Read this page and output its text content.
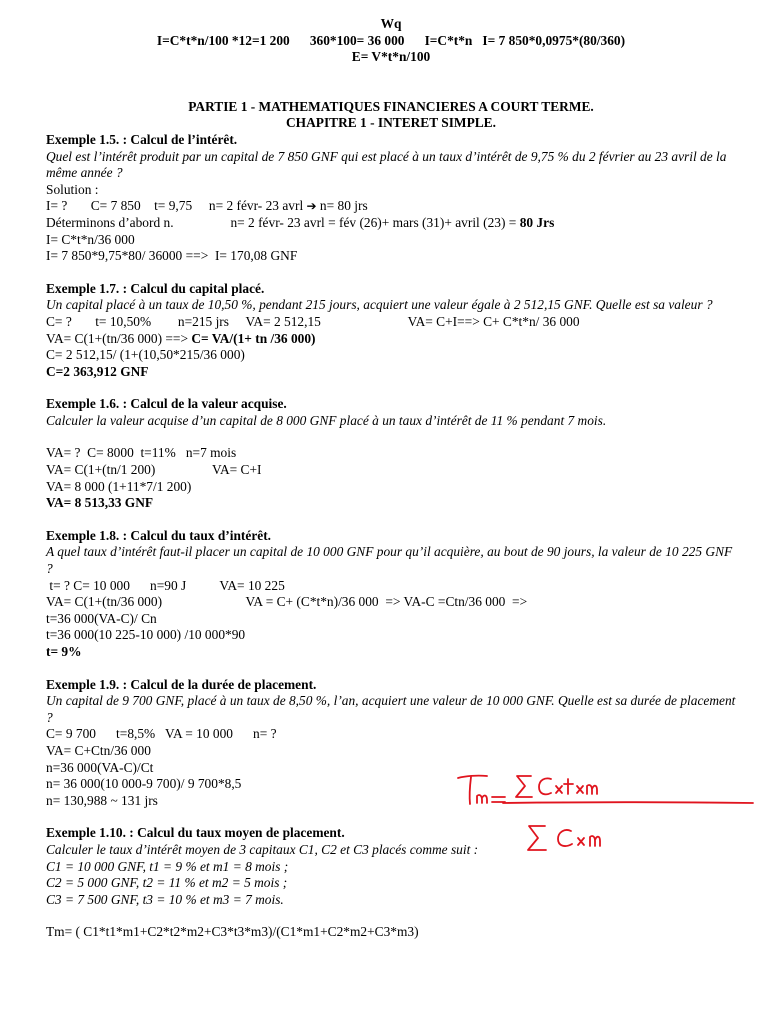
Wq
I=C*t*n/100 *12=1 200      360*100= 36 000      I=C*t*n   I= 7 850*0,0975*(80/360)
E= V*t*n/100
PARTIE 1 - MATHEMATIQUES FINANCIERES A COURT TERME.
CHAPITRE 1 - INTERET SIMPLE.
Exemple 1.5. : Calcul de l’intérêt.
Quel est l’intérêt produit par un capital de 7 850 GNF qui est placé à un taux d’intérêt de 9,75 % du 2 février au 23 avril de la même année ?
Solution :
I= ?       C= 7 850    t= 9,75     n= 2 févr- 23 avrl ➔ n= 80 jrs
Déterminons d’abord n.                 n= 2 févr- 23 avrl = fév (26)+ mars (31)+ avril (23) = 80 Jrs
I= C*t*n/36 000
I= 7 850*9,75*80/ 36000 ==>  I= 170,08 GNF
Exemple 1.7. : Calcul du capital placé.
Un capital placé à un taux de 10,50 %, pendant 215 jours, acquiert une valeur égale à 2 512,15 GNF. Quelle est sa valeur ?
C= ?       t= 10,50%        n=215 jrs     VA= 2 512,15                          VA= C+I==> C+ C*t*n/ 36 000
VA= C(1+(tn/36 000) ==> C= VA/(1+ tn /36 000)
C= 2 512,15/ (1+(10,50*215/36 000)
C=2 363,912 GNF
Exemple 1.6. : Calcul de la valeur acquise.
Calculer la valeur acquise d’un capital de 8 000 GNF placé à un taux d’intérêt de 11 % pendant 7 mois.
VA= ?  C= 8000  t=11%   n=7 mois
VA= C(1+(tn/1 200)                 VA= C+I
VA= 8 000 (1+11*7/1 200)
VA= 8 513,33 GNF
Exemple 1.8. : Calcul du taux d’intérêt.
A quel taux d’intérêt faut-il placer un capital de 10 000 GNF pour qu’il acquière, au bout de 90 jours, la valeur de 10 225 GNF ?
t= ? C= 10 000      n=90 J          VA= 10 225
VA= C(1+(tn/36 000)                         VA = C+ (C*t*n)/36 000  => VA-C =Ctn/36 000  =>
t=36 000(VA-C)/ Cn
t=36 000(10 225-10 000) /10 000*90
t= 9%
Exemple 1.9. : Calcul de la durée de placement.
Un capital de 9 700 GNF, placé à un taux de 8,50 %, l’an, acquiert une valeur de 10 000 GNF. Quelle est sa durée de placement ?
C= 9 700      t=8,5%   VA = 10 000      n= ?
VA= C+Ctn/36 000
n=36 000(VA-C)/Ct
n= 36 000(10 000-9 700)/ 9 700*8,5
n= 130,988 ~ 131 jrs
Exemple 1.10. : Calcul du taux moyen de placement.
Calculer le taux d’intérêt moyen de 3 capitaux C1, C2 et C3 placés comme suit :
C1 = 10 000 GNF, t1 = 9 % et m1 = 8 mois ;
C2 = 5 000 GNF, t2 = 11 % et m2 = 5 mois ;
C3 = 7 500 GNF, t3 = 10 % et m3 = 7 mois.
Tm= ( C1*t1*m1+C2*t2*m2+C3*t3*m3)/(C1*m1+C2*m2+C3*m3)
